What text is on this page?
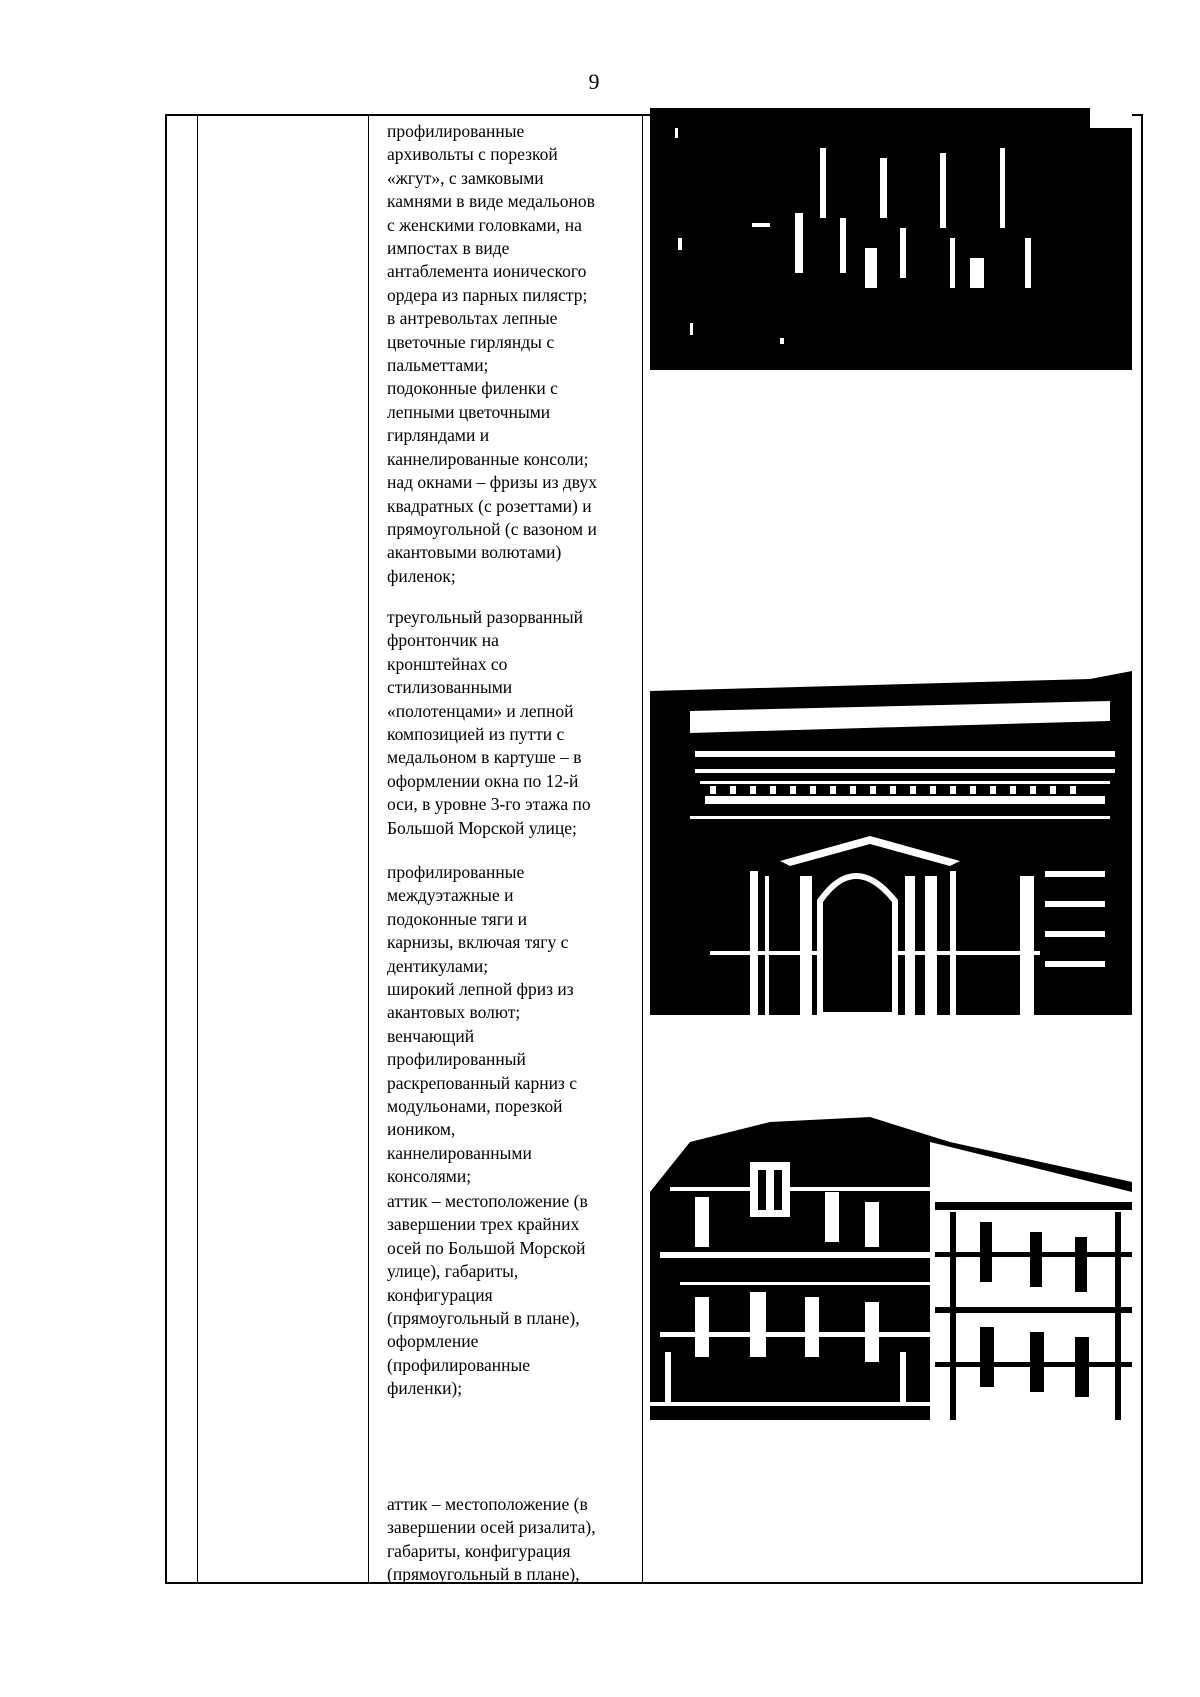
9

профилированные

архивольты с порезкой

«жгут», с замковыми

камнями в виде медальонов

с женскими головками, на

импостах в виде

антаблемента ионического

ордера из парных пилястр;

в антревольтах лепные

цветочные гирлянды с

пальметтами;

подоконные филенки с

лепными цветочными

гирляндами и

каннелированные консоли;

над окнами – фризы из двух

квадратных (с розеттами) и

прямоугольной (с вазоном и

акантовыми волютами)

филенок;

треугольный разорванный

фронтончик на

кронштейнах со

стилизованными

«полотенцами» и лепной

композицией из путти с

медальоном в картуше – в

оформлении окна по 12-й

оси, в уровне 3-го этажа по

Большой Морской улице;

профилированные

междуэтажные и

подоконные тяги и

карнизы, включая тягу с

дентикулами;

широкий лепной фриз из

акантовых волют;

венчающий

профилированный

раскрепованный карниз с

модульонами, порезкой

иоником,

каннелированными

консолями;

аттик – местоположение (в

завершении трех крайних

осей по Большой Морской

улице), габариты,

конфигурация

(прямоугольный в плане),

оформление

(профилированные

филенки);

аттик – местоположение (в

завершении осей ризалита),

габариты, конфигурация

(прямоугольный в плане),
